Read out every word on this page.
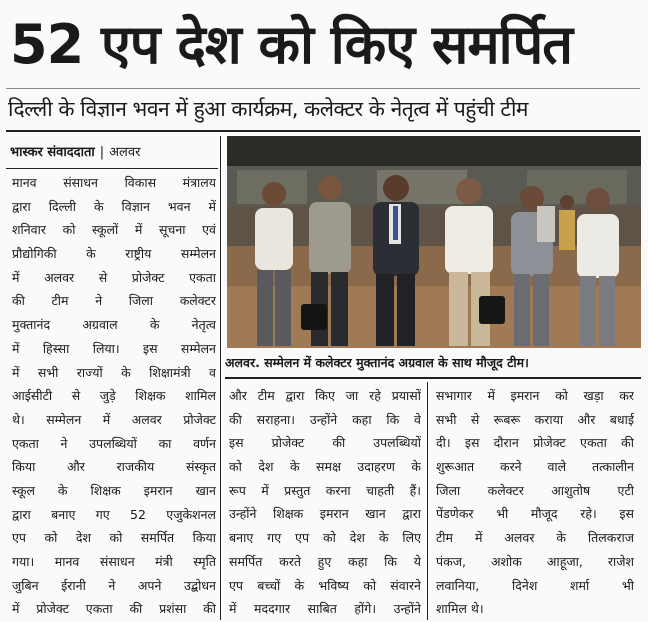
52 एप देश को किए समर्पित
दिल्ली के विज्ञान भवन में हुआ कार्यक्रम, कलेक्टर के नेतृत्व में पहुंची टीम
भास्कर संवाददाता | अलवर
अलवर. सम्मेलन में कलेक्टर मुक्तानंद अग्रवाल के साथ मौजूद टीम।
मानव संसाधन विकास मंत्रालय
द्वारा दिल्ली के विज्ञान भवन में
शनिवार को स्कूलों में सूचना एवं
प्रौद्योगिकी के राष्ट्रीय सम्मेलन
में अलवर से प्रोजेक्ट एकता
की टीम ने जिला कलेक्टर
मुक्तानंद अग्रवाल के नेतृत्व
में हिस्सा लिया। इस सम्मेलन
में सभी राज्यों के शिक्षामंत्री व
आईसीटी से जुड़े शिक्षक शामिल
थे। सम्मेलन में अलवर प्रोजेक्ट
एकता ने उपलब्धियों का वर्णन
किया और राजकीय संस्कृत
स्कूल के शिक्षक इमरान खान
द्वारा बनाए गए 52 एजुकेशनल
एप को देश को समर्पित किया
गया। मानव संसाधन मंत्री स्मृति
जुबिन ईरानी ने अपने उद्बोधन
में प्रोजेक्ट एकता की प्रशंसा की
और टीम द्वारा किए जा रहे प्रयासों
की सराहना। उन्होंने कहा कि वे
इस प्रोजेक्ट की उपलब्धियों
को देश के समक्ष उदाहरण के
रूप में प्रस्तुत करना चाहती हैं।
उन्होंने शिक्षक इमरान खान द्वारा
बनाए गए एप को देश के लिए
समर्पित करते हुए कहा कि ये
एप बच्चों के भविष्य को संवारने
में मददगार साबित होंगे। उन्होंने
सभागार में इमरान को खड़ा कर
सभी से रूबरू कराया और बधाई
दी। इस दौरान प्रोजेक्ट एकता की
शुरूआत करने वाले तत्कालीन
जिला कलेक्टर आशुतोष एटी
पेंडणेकर भी मौजूद रहे। इस
टीम में अलवर के तिलकराज
पंकज, अशोक आहूजा, राजेश
लवानिया, दिनेश शर्मा भी
शामिल थे।
